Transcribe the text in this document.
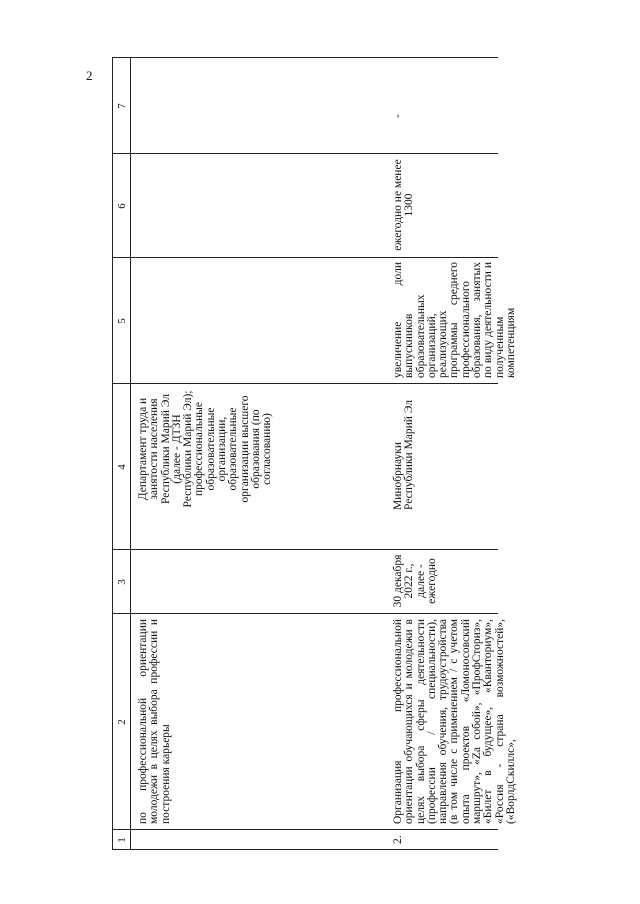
2
1
2
3
4
5
6
7
по профессиональной ориентации молодежи в целях выбора профессии и построения карьеры
Департамент труда и занятости населения Республики Марий Эл (далее - ДТЗН Республики Марий Эл); профессиональные образовательные организации, образовательные организации высшего образования (по согласованию)
2.
Организация профессиональной ориентации обучающихся и молодежи в целях выбора сферы деятельности (профессии / специальности), направления обучения, трудоустройства (в том числе с применением / с учетом опыта проектов «Ломоносовский маршрут», «Za собой», «ПрофСториз», «Билет в будущее», «Кванториум», «Россия - страна возможностей», («ВорлдСкиллс»,
30 декабря 2022 г., далее - ежегодно
Минобрнауки Республики Марий Эл
увеличение доли выпускников образовательных организаций, реализующих программы среднего профессионального образования, занятых по виду деятельности и полученным компетенциям
ежегодно не менее 1300
-
